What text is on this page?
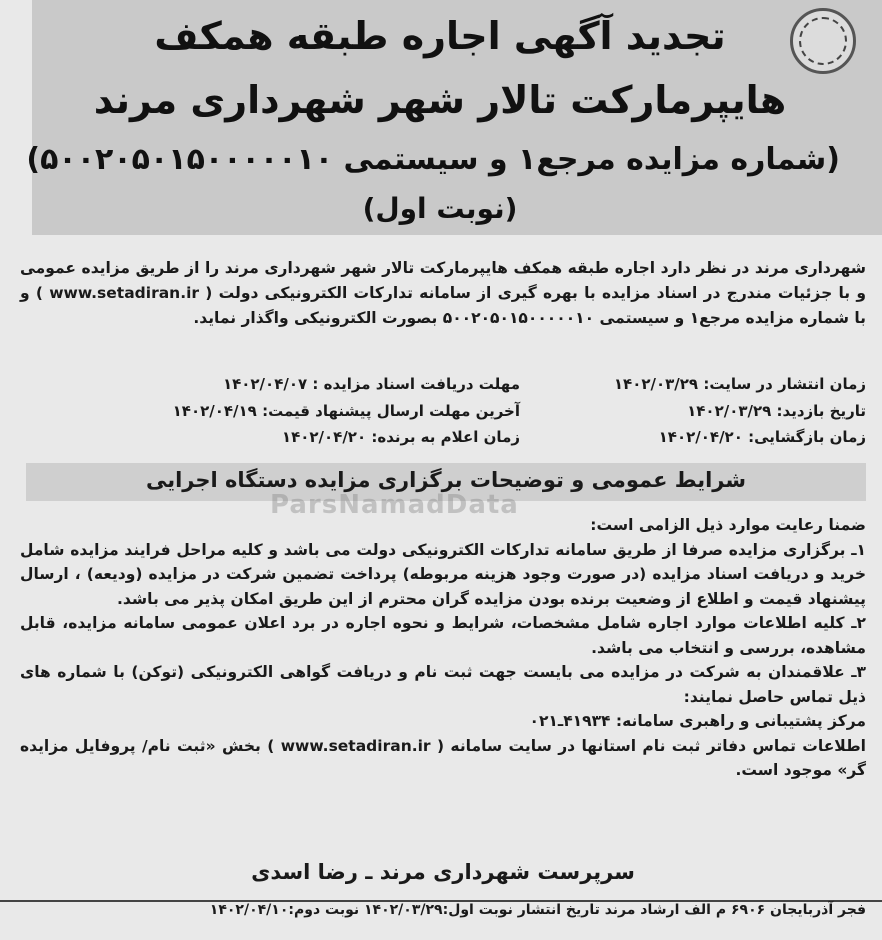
تجدید آگهی اجاره طبقه همکف
هایپرمارکت تالار شهر شهرداری مرند
(شماره مزایده مرجع۱ و سیستمی ۵۰۰۲۰۵۰۱۵۰۰۰۰۰۱۰)
(نوبت اول)
شهرداری مرند در نظر دارد اجاره طبقه همکف هایپرمارکت تالار شهر شهرداری مرند را از طریق مزایده عمومی و با جزئیات مندرج در اسناد مزایده با بهره گیری از سامانه تدارکات الکترونیکی دولت ( www.setadiran.ir ) و با شماره مزایده مرجع۱ و سیستمی ۵۰۰۲۰۵۰۱۵۰۰۰۰۰۱۰ بصورت الکترونیکی واگذار نماید.
زمان انتشار در سایت: ۱۴۰۲/۰۳/۲۹
تاریخ بازدید: ۱۴۰۲/۰۳/۲۹
زمان بازگشایی: ۱۴۰۲/۰۴/۲۰
مهلت دریافت اسناد مزایده : ۱۴۰۲/۰۴/۰۷
آخرین مهلت ارسال پیشنهاد قیمت: ۱۴۰۲/۰۴/۱۹
زمان اعلام به برنده: ۱۴۰۲/۰۴/۲۰
شرایط عمومی و توضیحات برگزاری مزایده دستگاه اجرایی
ParsNamadData

ضمنا رعایت موارد ذیل الزامی است:

۱ـ برگزاری مزایده صرفا از طریق سامانه تدارکات الکترونیکی دولت می باشد و کلیه مراحل فرایند مزایده شامل خرید و دریافت اسناد مزایده (در صورت وجود هزینه مربوطه) پرداخت تضمین شرکت در مزایده (ودیعه) ، ارسال پیشنهاد قیمت و اطلاع از وضعیت برنده بودن مزایده گران محترم از این طریق امکان پذیر می باشد.

۲ـ کلیه اطلاعات موارد اجاره شامل مشخصات، شرایط و نحوه اجاره در برد اعلان عمومی سامانه مزایده، قابل مشاهده، بررسی و انتخاب می باشد.

۳ـ علاقمندان به شرکت در مزایده می بایست جهت ثبت نام و دریافت گواهی الکترونیکی (توکن) با شماره های ذیل تماس حاصل نمایند:

مرکز پشتیبانی و راهبری سامانه: ۴۱۹۳۴ـ۰۲۱

اطلاعات تماس دفاتر ثبت نام استانها در سایت سامانه ( www.setadiran.ir ) بخش «ثبت نام/ پروفایل مزایده گر» موجود است.

سرپرست شهرداری مرند ـ رضا اسدی
فجر آذربایجان ۶۹۰۶ م الف ارشاد مرند تاریخ انتشار نوبت اول:۱۴۰۲/۰۳/۲۹ نوبت دوم:۱۴۰۲/۰۴/۱۰
